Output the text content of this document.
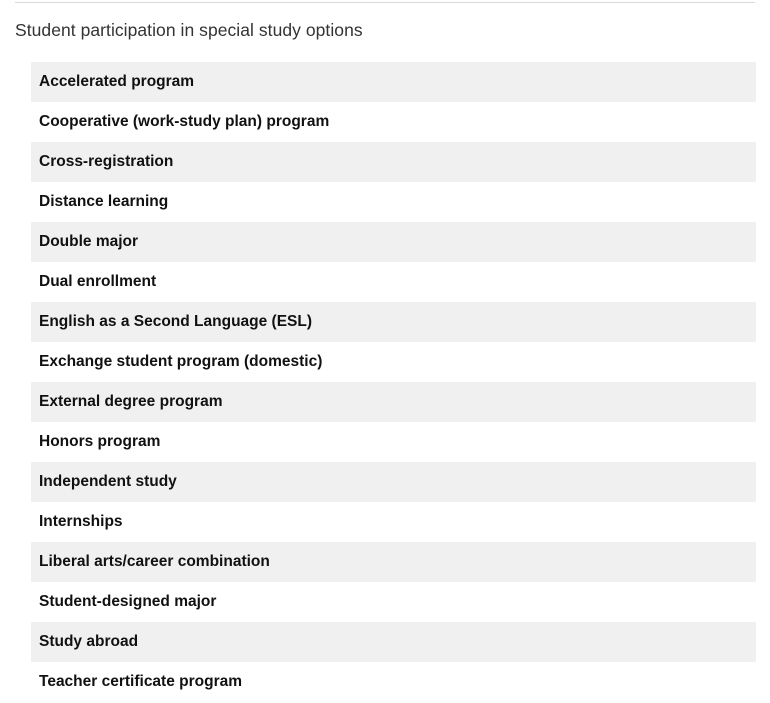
Student participation in special study options
Accelerated program
Cooperative (work-study plan) program
Cross-registration
Distance learning
Double major
Dual enrollment
English as a Second Language (ESL)
Exchange student program (domestic)
External degree program
Honors program
Independent study
Internships
Liberal arts/career combination
Student-designed major
Study abroad
Teacher certificate program
